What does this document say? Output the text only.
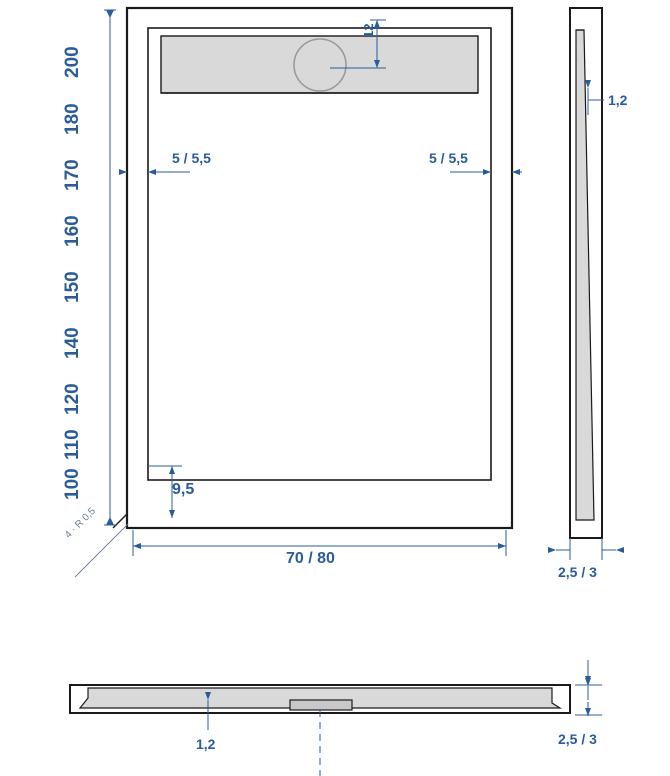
200
180
170
160
150
140
120
110
100
12
5 / 5,5	5 / 5,5
9,5
70 / 80
4 · R 0,5
1,2
2,5 / 3
1,2	2,5 / 3
